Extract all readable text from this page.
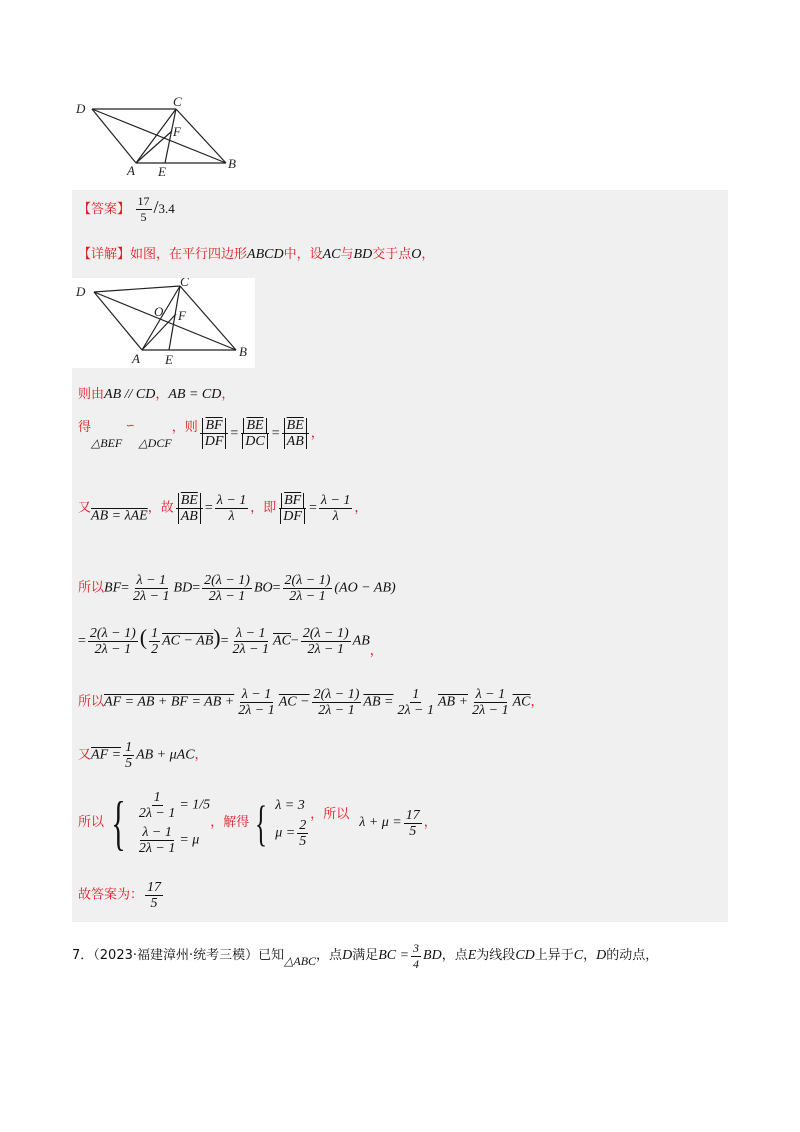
D	C
F
A E
B
【答案】 $\frac{17}{5} /3.4$
【详解】如图，在平行四边形ABCD中，设AC与BD交于点O，
D
C
O F
A E
B
则由AB // CD，AB = CD，
得△BEF ∽ △DCF，则 $\frac{\overline{BF}}{DF} = \frac{\overline{BE}}{DC} = \frac{\overline{BE}}{AB}$ ，
又AB = λAE，故 $\frac{\overline{BE}}{AB} = \frac{\lambda - 1}{\lambda}$ ，即 $\frac{\overline{BF}}{DF} = \frac{\lambda - 1}{\lambda}$ ，
所以$BF= \frac{\lambda - 1}{2\lambda - 1} BD= \frac{2(\lambda - 1)}{2\lambda - 1} BO= \frac{2(\lambda - 1)}{2\lambda - 1} (AO - AB)$
= $\frac{2(\lambda - 1)}{2\lambda - 1}$ ( $\frac{1}{2}$ AC − $AB)= \frac{\lambda - 1}{2\lambda - 1} \overline{AC}- \frac{2(\lambda - 1)}{2\lambda - 1}$ AB，
所以AF = AB + BF = AB + $\frac{\lambda - 1}{2\lambda - 1}$ AC − $\frac{2(\lambda - 1)}{2\lambda - 1}$ AB = $\frac{1}{2\lambda - 1}$ AB + $\frac{\lambda - 1}{2\lambda - 1} \overline{AC}$，
又AF = $\frac{1}{5}$ AB + μAC，
所以 { $\frac{1}{2\lambda - 1} = 1/5$
$\frac{\lambda - 1}{2\lambda - 1} = \mu$
，解得 { λ = 3
$\mu = \frac{2}{5}$
，所以$\lambda + \mu = \frac{17}{5}$ ，
故答案为： $\frac{17}{5}$
7．（2023·福建漳州·统考三模）已知△ABC，点D满足BC = $\frac{3}{4}$ BD，点E为线段CD上异于C，D的动点，
